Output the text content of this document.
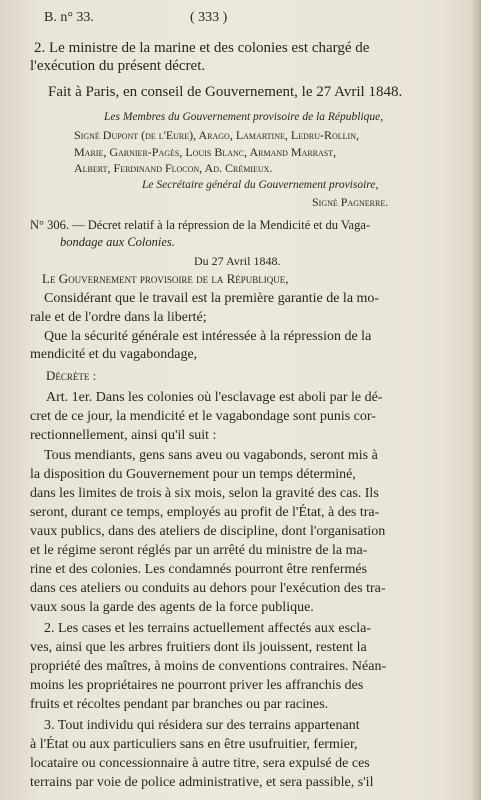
B. n° 33.	( 333 )
2. Le ministre de la marine et des colonies est chargé de
l'exécution du présent décret.
Fait à Paris, en conseil de Gouvernement, le 27 Avril 1848.
Les Membres du Gouvernement provisoire de la République,
Signé Dupont (de l'Eure), Arago, Lamartine, Ledru-Rollin,
Marie, Garnier-Pagès, Louis Blanc, Armand Marrast,
Albert, Ferdinand Flocon, Ad. Crémieux.
Le Secrétaire général du Gouvernement provisoire,
Signé Pagnerre.
N° 306. — Décret relatif à la répression de la Mendicité et du Vaga-
bondage aux Colonies.
Du 27 Avril 1848.
Le Gouvernement provisoire de la République,
Considérant que le travail est la première garantie de la mo-
rale et de l'ordre dans la liberté;
Que la sécurité générale est intéressée à la répression de la
mendicité et du vagabondage,
Décrète :
Art. 1er. Dans les colonies où l'esclavage est aboli par le dé-
cret de ce jour, la mendicité et le vagabondage sont punis cor-
rectionnellement, ainsi qu'il suit :
Tous mendiants, gens sans aveu ou vagabonds, seront mis à
la disposition du Gouvernement pour un temps déterminé,
dans les limites de trois à six mois, selon la gravité des cas. Ils
seront, durant ce temps, employés au profit de l'État, à des tra-
vaux publics, dans des ateliers de discipline, dont l'organisation
et le régime seront réglés par un arrêté du ministre de la ma-
rine et des colonies. Les condamnés pourront être renfermés
dans ces ateliers ou conduits au dehors pour l'exécution des tra-
vaux sous la garde des agents de la force publique.
2. Les cases et les terrains actuellement affectés aux escla-
ves, ainsi que les arbres fruitiers dont ils jouissent, restent la
propriété des maîtres, à moins de conventions contraires. Néan-
moins les propriétaires ne pourront priver les affranchis des
fruits et récoltes pendant par branches ou par racines.
3. Tout individu qui résidera sur des terrains appartenant
à l'État ou aux particuliers sans en être usufruitier, fermier,
locataire ou concessionnaire à autre titre, sera expulsé de ces
terrains par voie de police administrative, et sera passible, s'il
